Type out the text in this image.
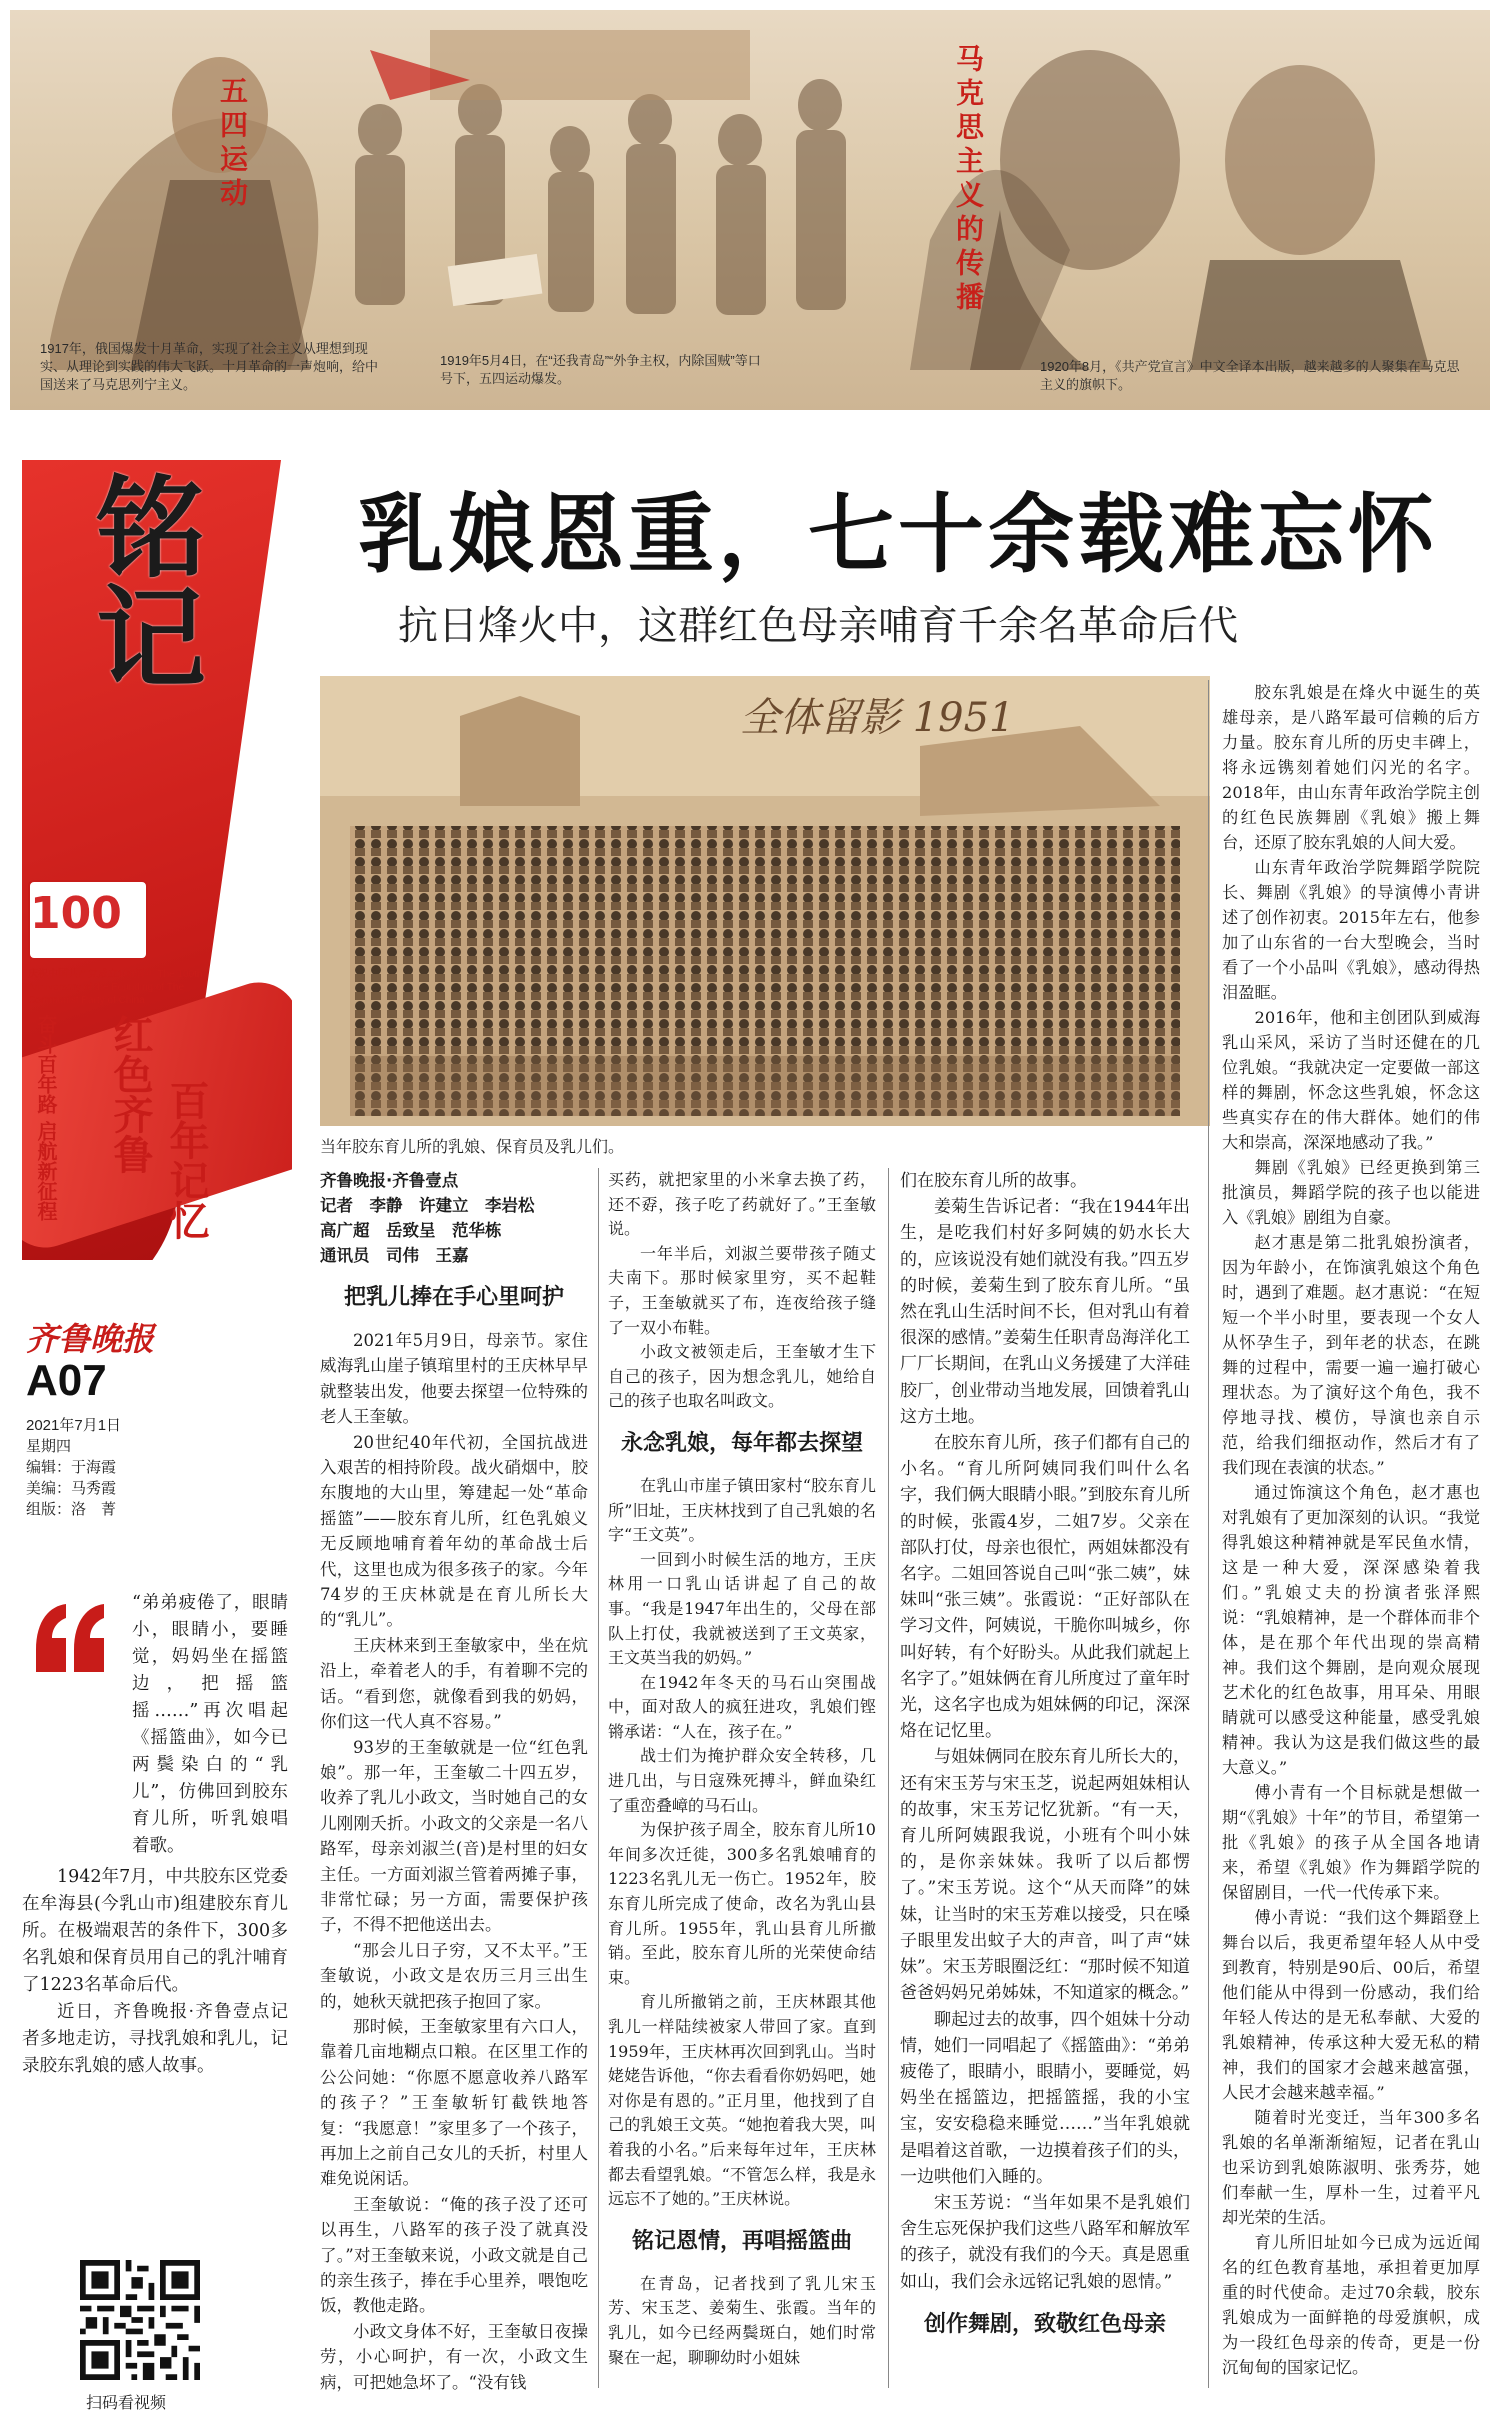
五四运动	马克思主义的传播
1917年，俄国爆发十月革命，实现了社会主义从理想到现实、从理论到实践的伟大飞跃。十月革命的一声炮响，给中国送来了马克思列宁主义。
1919年5月4日，在“还我青岛”“外争主权，内除国贼”等口号下，五四运动爆发。
1920年8月，《共产党宣言》中文全译本出版，越来越多的人聚集在马克思主义的旗帜下。
铭记
100
庆祝中国共产党成立100周年 The 100th Anniversary of the Founding of The Communist Party of China
奋斗百年路 启航新征程 红色齐鲁 百年记忆
齐鲁晚报
A07
2021年7月1日
星期四
编辑：于海霞
美编：马秀霞
组版：洛　菁

“弟弟疲倦了，眼睛小，眼睛小，要睡觉，妈妈坐在摇篮边，把摇篮摇……”再次唱起《摇篮曲》，如今已两鬓染白的“乳儿”，仿佛回到胶东育儿所，听乳娘唱着歌。

1942年7月，中共胶东区党委在牟海县(今乳山市)组建胶东育儿所。在极端艰苦的条件下，300多名乳娘和保育员用自己的乳汁哺育了1223名革命后代。

近日，齐鲁晚报·齐鲁壹点记者多地走访，寻找乳娘和乳儿，记录胶东乳娘的感人故事。

扫码看视频
乳娘恩重，七十余载难忘怀
抗日烽火中，这群红色母亲哺育千余名革命后代
全体留影 1951
当年胶东育儿所的乳娘、保育员及乳儿们。

胶东乳娘是在烽火中诞生的英雄母亲，是八路军最可信赖的后方力量。胶东育儿所的历史丰碑上，将永远镌刻着她们闪光的名字。2018年，由山东青年政治学院主创的红色民族舞剧《乳娘》搬上舞台，还原了胶东乳娘的人间大爱。

山东青年政治学院舞蹈学院院长、舞剧《乳娘》的导演傅小青讲述了创作初衷。2015年左右，他参加了山东省的一台大型晚会，当时看了一个小品叫《乳娘》，感动得热泪盈眶。

2016年，他和主创团队到威海乳山采风，采访了当时还健在的几位乳娘。“我就决定一定要做一部这样的舞剧，怀念这些乳娘，怀念这些真实存在的伟大群体。她们的伟大和崇高，深深地感动了我。”

舞剧《乳娘》已经更换到第三批演员，舞蹈学院的孩子也以能进入《乳娘》剧组为自豪。

赵才惠是第二批乳娘扮演者，因为年龄小，在饰演乳娘这个角色时，遇到了难题。赵才惠说：“在短短一个半小时里，要表现一个女人从怀孕生子，到年老的状态，在跳舞的过程中，需要一遍一遍打破心理状态。为了演好这个角色，我不停地寻找、模仿，导演也亲自示范，给我们细抠动作，然后才有了我们现在表演的状态。”

通过饰演这个角色，赵才惠也对乳娘有了更加深刻的认识。“我觉得乳娘这种精神就是军民鱼水情，这是一种大爱，深深感染着我们。”乳娘丈夫的扮演者张泽熙说：“乳娘精神，是一个群体而非个体，是在那个年代出现的崇高精神。我们这个舞剧，是向观众展现艺术化的红色故事，用耳朵、用眼睛就可以感受这种能量，感受乳娘精神。我认为这是我们做这些的最大意义。”

傅小青有一个目标就是想做一期“《乳娘》十年”的节目，希望第一批《乳娘》的孩子从全国各地请来，希望《乳娘》作为舞蹈学院的保留剧目，一代一代传承下来。

傅小青说：“我们这个舞蹈登上舞台以后，我更希望年轻人从中受到教育，特别是90后、00后，希望他们能从中得到一份感动，我们给年轻人传达的是无私奉献、大爱的乳娘精神，传承这种大爱无私的精神，我们的国家才会越来越富强，人民才会越来越幸福。”

随着时光变迁，当年300多名乳娘的名单渐渐缩短，记者在乳山也采访到乳娘陈淑明、张秀芬，她们奉献一生，厚朴一生，过着平凡却光荣的生活。

育儿所旧址如今已成为远近闻名的红色教育基地，承担着更加厚重的时代使命。走过70余载，胶东乳娘成为一面鲜艳的母爱旗帜，成为一段红色母亲的传奇，更是一份沉甸甸的国家记忆。

齐鲁晚报·齐鲁壹点
记者　李静　许建立　李岩松
高广超　岳致呈　范华栋
通讯员　司伟　王嘉

把乳儿捧在手心里呵护

2021年5月9日，母亲节。家住威海乳山崖子镇琯里村的王庆林早早就整装出发，他要去探望一位特殊的老人王奎敏。

20世纪40年代初，全国抗战进入艰苦的相持阶段。战火硝烟中，胶东腹地的大山里，筹建起一处“革命摇篮”——胶东育儿所，红色乳娘义无反顾地哺育着年幼的革命战士后代，这里也成为很多孩子的家。今年74岁的王庆林就是在育儿所长大的“乳儿”。

王庆林来到王奎敏家中，坐在炕沿上，牵着老人的手，有着聊不完的话。“看到您，就像看到我的奶妈，你们这一代人真不容易。”

93岁的王奎敏就是一位“红色乳娘”。那一年，王奎敏二十四五岁，收养了乳儿小政文，当时她自己的女儿刚刚夭折。小政文的父亲是一名八路军，母亲刘淑兰(音)是村里的妇女主任。一方面刘淑兰管着两摊子事，非常忙碌；另一方面，需要保护孩子，不得不把他送出去。

“那会儿日子穷，又不太平。”王奎敏说，小政文是农历三月三出生的，她秋天就把孩子抱回了家。

那时候，王奎敏家里有六口人，靠着几亩地糊点口粮。在区里工作的公公问她：“你愿不愿意收养八路军的孩子？”王奎敏斩钉截铁地答复：“我愿意！”家里多了一个孩子，再加上之前自己女儿的夭折，村里人难免说闲话。

王奎敏说：“俺的孩子没了还可以再生，八路军的孩子没了就真没了。”对王奎敏来说，小政文就是自己的亲生孩子，捧在手心里养，喂饱吃饭，教他走路。

小政文身体不好，王奎敏日夜操劳，小心呵护，有一次，小政文生病，可把她急坏了。“没有钱

买药，就把家里的小米拿去换了药，还不孬，孩子吃了药就好了。”王奎敏说。

一年半后，刘淑兰要带孩子随丈夫南下。那时候家里穷，买不起鞋子，王奎敏就买了布，连夜给孩子缝了一双小布鞋。

小政文被领走后，王奎敏才生下自己的孩子，因为想念乳儿，她给自己的孩子也取名叫政文。

永念乳娘，每年都去探望

在乳山市崖子镇田家村“胶东育儿所”旧址，王庆林找到了自己乳娘的名字“王文英”。

一回到小时候生活的地方，王庆林用一口乳山话讲起了自己的故事。“我是1947年出生的，父母在部队上打仗，我就被送到了王文英家，王文英当我的奶妈。”

在1942年冬天的马石山突围战中，面对敌人的疯狂进攻，乳娘们铿锵承诺：“人在，孩子在。”

战士们为掩护群众安全转移，几进几出，与日寇殊死搏斗，鲜血染红了重峦叠嶂的马石山。

为保护孩子周全，胶东育儿所10年间多次迁徙，300多名乳娘哺育的1223名乳儿无一伤亡。1952年，胶东育儿所完成了使命，改名为乳山县育儿所。1955年，乳山县育儿所撤销。至此，胶东育儿所的光荣使命结束。

育儿所撤销之前，王庆林跟其他乳儿一样陆续被家人带回了家。直到1959年，王庆林再次回到乳山。当时姥姥告诉他，“你去看看你奶妈吧，她对你是有恩的。”正月里，他找到了自己的乳娘王文英。“她抱着我大哭，叫着我的小名。”后来每年过年，王庆林都去看望乳娘。“不管怎么样，我是永远忘不了她的。”王庆林说。

铭记恩情，再唱摇篮曲

在青岛，记者找到了乳儿宋玉芳、宋玉芝、姜菊生、张霞。当年的乳儿，如今已经两鬓斑白，她们时常聚在一起，聊聊幼时小姐妹

们在胶东育儿所的故事。

姜菊生告诉记者：“我在1944年出生，是吃我们村好多阿姨的奶水长大的，应该说没有她们就没有我。”四五岁的时候，姜菊生到了胶东育儿所。“虽然在乳山生活时间不长，但对乳山有着很深的感情。”姜菊生任职青岛海洋化工厂厂长期间，在乳山义务援建了大洋硅胶厂，创业带动当地发展，回馈着乳山这方土地。

在胶东育儿所，孩子们都有自己的小名。“育儿所阿姨同我们叫什么名字，我们俩大眼睛小眼。”到胶东育儿所的时候，张霞4岁，二姐7岁。父亲在部队打仗，母亲也很忙，两姐妹都没有名字。二姐回答说自己叫“张二姨”，妹妹叫“张三姨”。张霞说：“正好部队在学习文件，阿姨说，干脆你叫城乡，你叫好转，有个好盼头。从此我们就起上名字了。”姐妹俩在育儿所度过了童年时光，这名字也成为姐妹俩的印记，深深烙在记忆里。

与姐妹俩同在胶东育儿所长大的，还有宋玉芳与宋玉芝，说起两姐妹相认的故事，宋玉芳记忆犹新。“有一天，育儿所阿姨跟我说，小班有个叫小妹的，是你亲妹妹。我听了以后都愣了。”宋玉芳说。这个“从天而降”的妹妹，让当时的宋玉芳难以接受，只在嗓子眼里发出蚊子大的声音，叫了声“妹妹”。宋玉芳眼圈泛红：“那时候不知道爸爸妈妈兄弟姊妹，不知道家的概念。”

聊起过去的故事，四个姐妹十分动情，她们一同唱起了《摇篮曲》：“弟弟疲倦了，眼睛小，眼睛小，要睡觉，妈妈坐在摇篮边，把摇篮摇，我的小宝宝，安安稳稳来睡觉……”当年乳娘就是唱着这首歌，一边摸着孩子们的头，一边哄他们入睡的。

宋玉芳说：“当年如果不是乳娘们舍生忘死保护我们这些八路军和解放军的孩子，就没有我们的今天。真是恩重如山，我们会永远铭记乳娘的恩情。”

创作舞剧，致敬红色母亲
